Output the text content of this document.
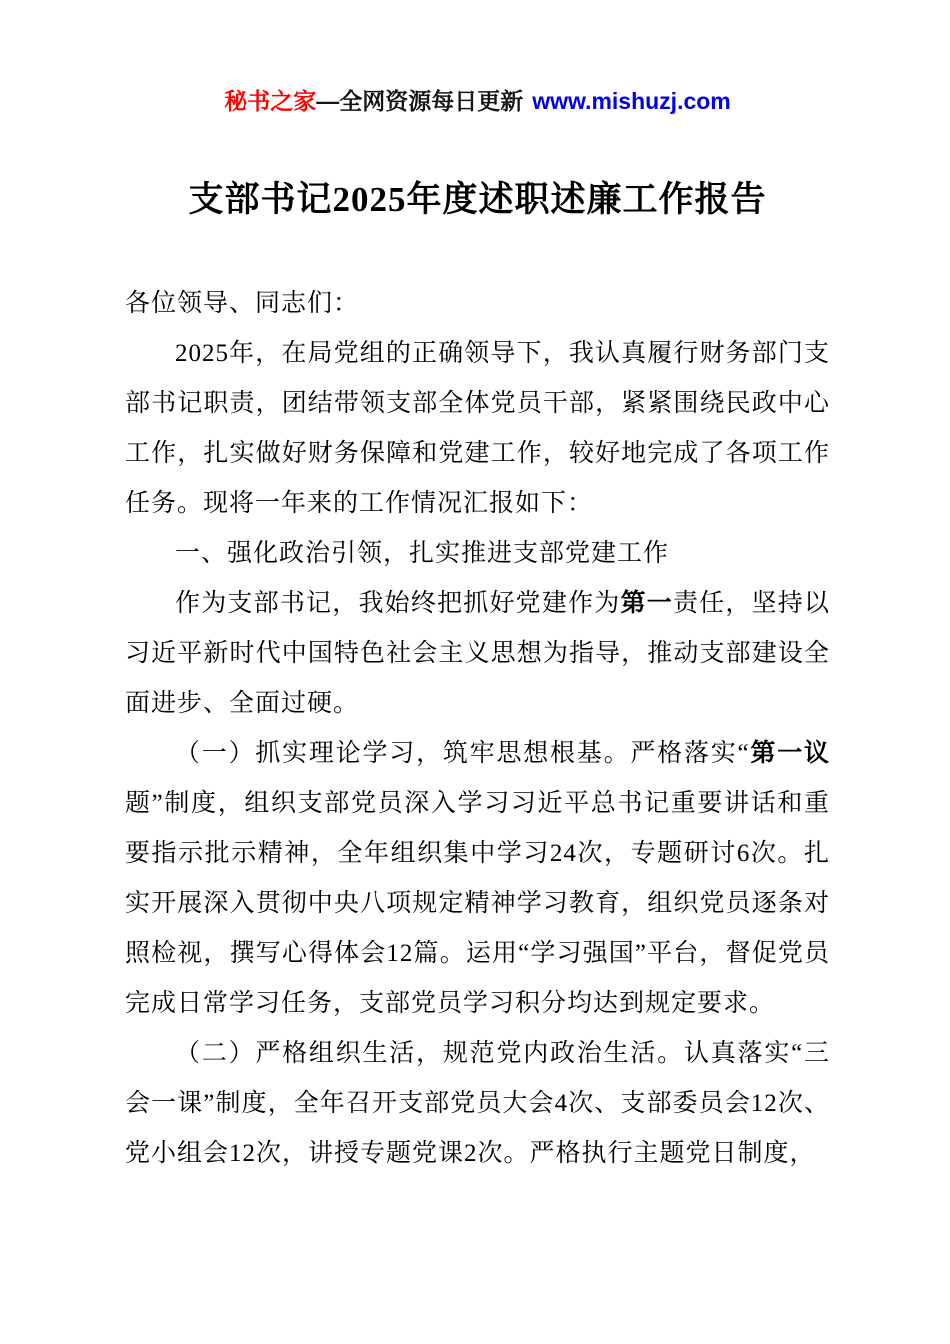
秘书之家—全网资源每日更新 www.mishuzj.com
支部书记2025年度述职述廉工作报告

各位领导、同志们：

2025年，在局党组的正确领导下，我认真履行财务部门支部书记职责，团结带领支部全体党员干部，紧紧围绕民政中心工作，扎实做好财务保障和党建工作，较好地完成了各项工作任务。现将一年来的工作情况汇报如下：

一、强化政治引领，扎实推进支部党建工作

作为支部书记，我始终把抓好党建作为第一责任，坚持以习近平新时代中国特色社会主义思想为指导，推动支部建设全面进步、全面过硬。

（一）抓实理论学习，筑牢思想根基。严格落实“第一议题”制度，组织支部党员深入学习习近平总书记重要讲话和重要指示批示精神，全年组织集中学习24次，专题研讨6次。扎实开展深入贯彻中央八项规定精神学习教育，组织党员逐条对照检视，撰写心得体会12篇。运用“学习强国”平台，督促党员完成日常学习任务，支部党员学习积分均达到规定要求。

（二）严格组织生活，规范党内政治生活。认真落实“三会一课”制度，全年召开支部党员大会4次、支部委员会12次、党小组会12次，讲授专题党课2次。严格执行主题党日制度，
